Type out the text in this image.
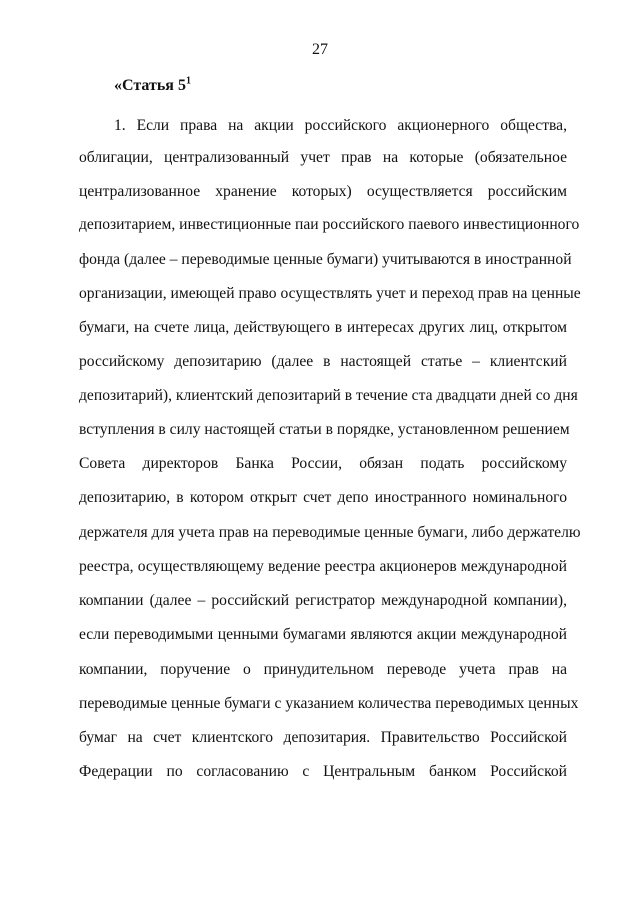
27
«Статья $5^1$
1. Если права на акции российского акционерного общества,
облигации, централизованный учет прав на которые (обязательное
централизованное хранение которых) осуществляется российским
депозитарием, инвестиционные паи российского паевого инвестиционного
фонда (далее – переводимые ценные бумаги) учитываются в иностранной
организации, имеющей право осуществлять учет и переход прав на ценные
бумаги, на счете лица, действующего в интересах других лиц, открытом
российскому депозитарию (далее в настоящей статье – клиентский
депозитарий), клиентский депозитарий в течение ста двадцати дней со дня
вступления в силу настоящей статьи в порядке, установленном решением
Совета директоров Банка России, обязан подать российскому
депозитарию, в котором открыт счет депо иностранного номинального
держателя для учета прав на переводимые ценные бумаги, либо держателю
реестра, осуществляющему ведение реестра акционеров международной
компании (далее – российский регистратор международной компании),
если переводимыми ценными бумагами являются акции международной
компании, поручение о принудительном переводе учета прав на
переводимые ценные бумаги с указанием количества переводимых ценных
бумаг на счет клиентского депозитария. Правительство Российской
Федерации по согласованию с Центральным банком Российской
